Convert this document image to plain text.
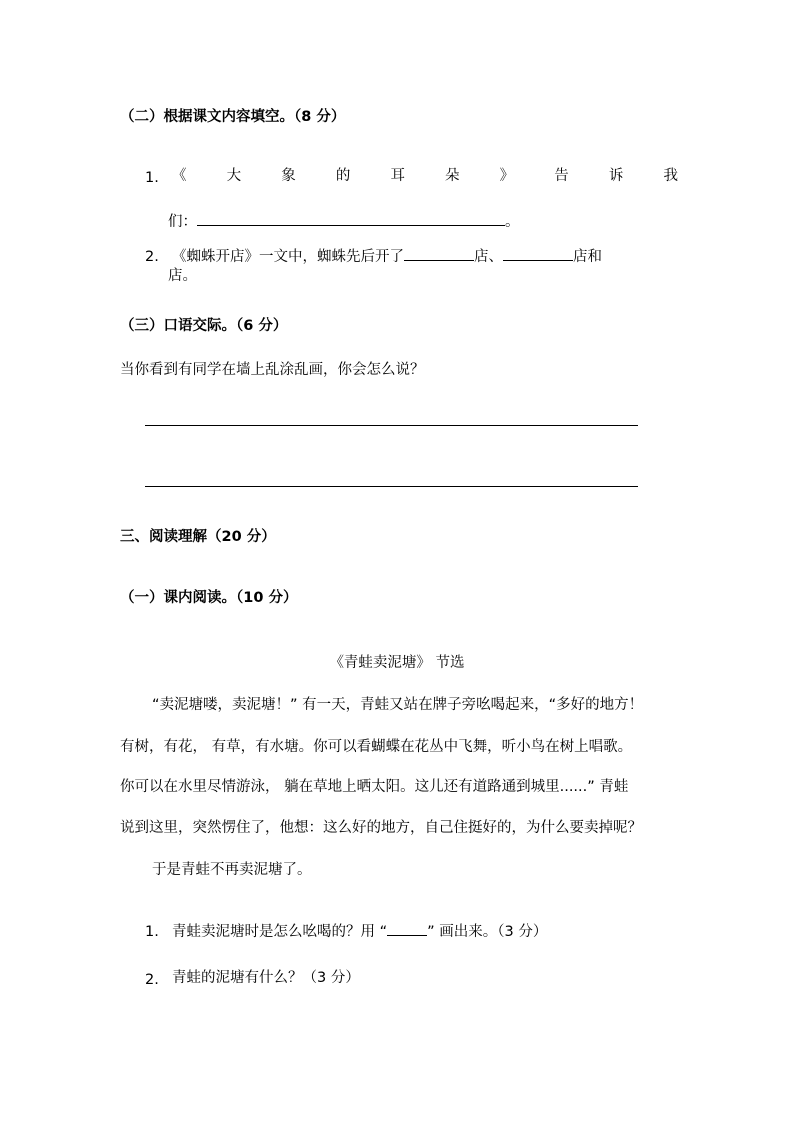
（二）根据课文内容填空。（8 分）
1. 《	大	象	的	耳	朵	》	告	诉	我
们：	。
2. 《蜘蛛开店》一文中，蜘蛛先后开了	店、	店和
店。
（三）口语交际。（6 分）
当你看到有同学在墙上乱涂乱画，你会怎么说？
三、阅读理解（20 分）
（一）课内阅读。（10 分）
《青蛙卖泥塘》 节选
“卖泥塘喽，卖泥塘！” 有一天，青蛙又站在牌子旁吆喝起来，“多好的地方！
有树，有花， 有草，有水塘。你可以看蝴蝶在花丛中飞舞，听小鸟在树上唱歌。
你可以在水里尽情游泳， 躺在草地上晒太阳。这儿还有道路通到城里......” 青蛙
说到这里，突然愣住了，他想：这么好的地方，自己住挺好的，为什么要卖掉呢？
于是青蛙不再卖泥塘了。
1. 青蛙卖泥塘时是怎么吆喝的？用 “	” 画出来。（3 分）
2. 青蛙的泥塘有什么？（3 分）
